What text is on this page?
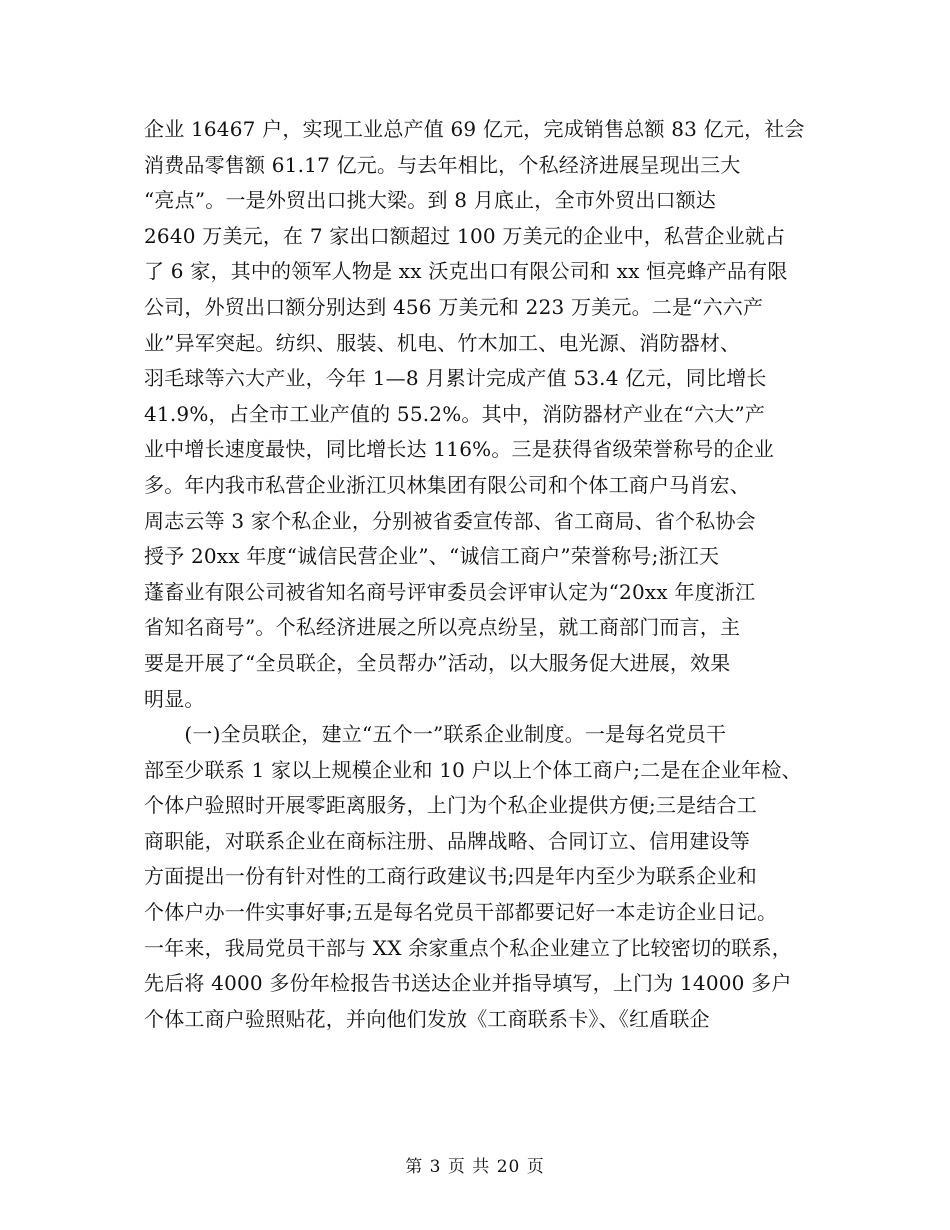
企业 16467 户，实现工业总产值 69 亿元，完成销售总额 83 亿元，社会
消费品零售额 61.17 亿元。与去年相比，个私经济进展呈现出三大
“亮点”。一是外贸出口挑大梁。到 8 月底止，全市外贸出口额达
2640 万美元，在 7 家出口额超过 100 万美元的企业中，私营企业就占
了 6 家，其中的领军人物是 xx 沃克出口有限公司和 xx 恒亮蜂产品有限
公司，外贸出口额分别达到 456 万美元和 223 万美元。二是“六六产
业”异军突起。纺织、服装、机电、竹木加工、电光源、消防器材、
羽毛球等六大产业，今年 1—8 月累计完成产值 53.4 亿元，同比增长
41.9%，占全市工业产值的 55.2%。其中，消防器材产业在“六大”产
业中增长速度最快，同比增长达 116%。三是获得省级荣誉称号的企业
多。年内我市私营企业浙江贝林集团有限公司和个体工商户马肖宏、
周志云等 3 家个私企业，分别被省委宣传部、省工商局、省个私协会
授予 20xx 年度“诚信民营企业”、“诚信工商户”荣誉称号;浙江天
蓬畜业有限公司被省知名商号评审委员会评审认定为“20xx 年度浙江
省知名商号”。个私经济进展之所以亮点纷呈，就工商部门而言，主
要是开展了“全员联企，全员帮办”活动，以大服务促大进展，效果
明显。
　　(一)全员联企，建立“五个一”联系企业制度。一是每名党员干
部至少联系 1 家以上规模企业和 10 户以上个体工商户;二是在企业年检、
个体户验照时开展零距离服务，上门为个私企业提供方便;三是结合工
商职能，对联系企业在商标注册、品牌战略、合同订立、信用建设等
方面提出一份有针对性的工商行政建议书;四是年内至少为联系企业和
个体户办一件实事好事;五是每名党员干部都要记好一本走访企业日记。
一年来，我局党员干部与 XX 余家重点个私企业建立了比较密切的联系，
先后将 4000 多份年检报告书送达企业并指导填写，上门为 14000 多户
个体工商户验照贴花，并向他们发放《工商联系卡》、《红盾联企
第 3 页 共 20 页
